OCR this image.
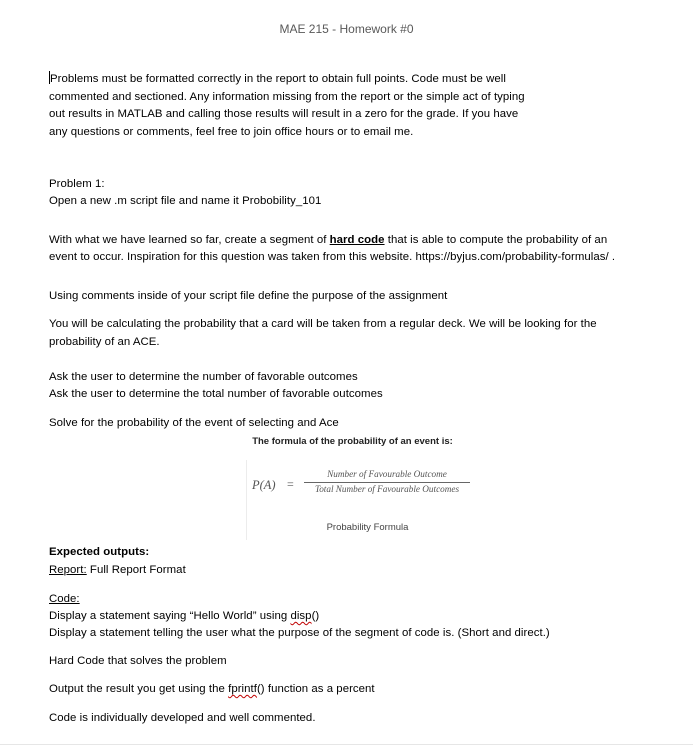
MAE 215 - Homework #0
Problems must be formatted correctly in the report to obtain full points. Code must be well
commented and sectioned. Any information missing from the report or the simple act of typing
out results in MATLAB and calling those results will result in a zero for the grade. If you have
any questions or comments, feel free to join office hours or to email me.
Problem 1:
Open a new .m script file and name it Probobility_101
With what we have learned so far, create a segment of hard code that is able to compute the probability of an
event to occur. Inspiration for this question was taken from this website. https://byjus.com/probability-formulas/ .
Using comments inside of your script file define the purpose of the assignment
You will be calculating the probability that a card will be taken from a regular deck. We will be looking for the
probability of an ACE.
Ask the user to determine the number of favorable outcomes
Ask the user to determine the total number of favorable outcomes
Solve for the probability of the event of selecting and Ace
The formula of the probability of an event is:
P(A) =
Number of Favourable Outcome
Total Number of Favourable Outcomes
Probability Formula
Expected outputs:
Report: Full Report Format
Code:
Display a statement saying “Hello World” using disp()
Display a statement telling the user what the purpose of the segment of code is. (Short and direct.)
Hard Code that solves the problem
Output the result you get using the fprintf() function as a percent
Code is individually developed and well commented.
